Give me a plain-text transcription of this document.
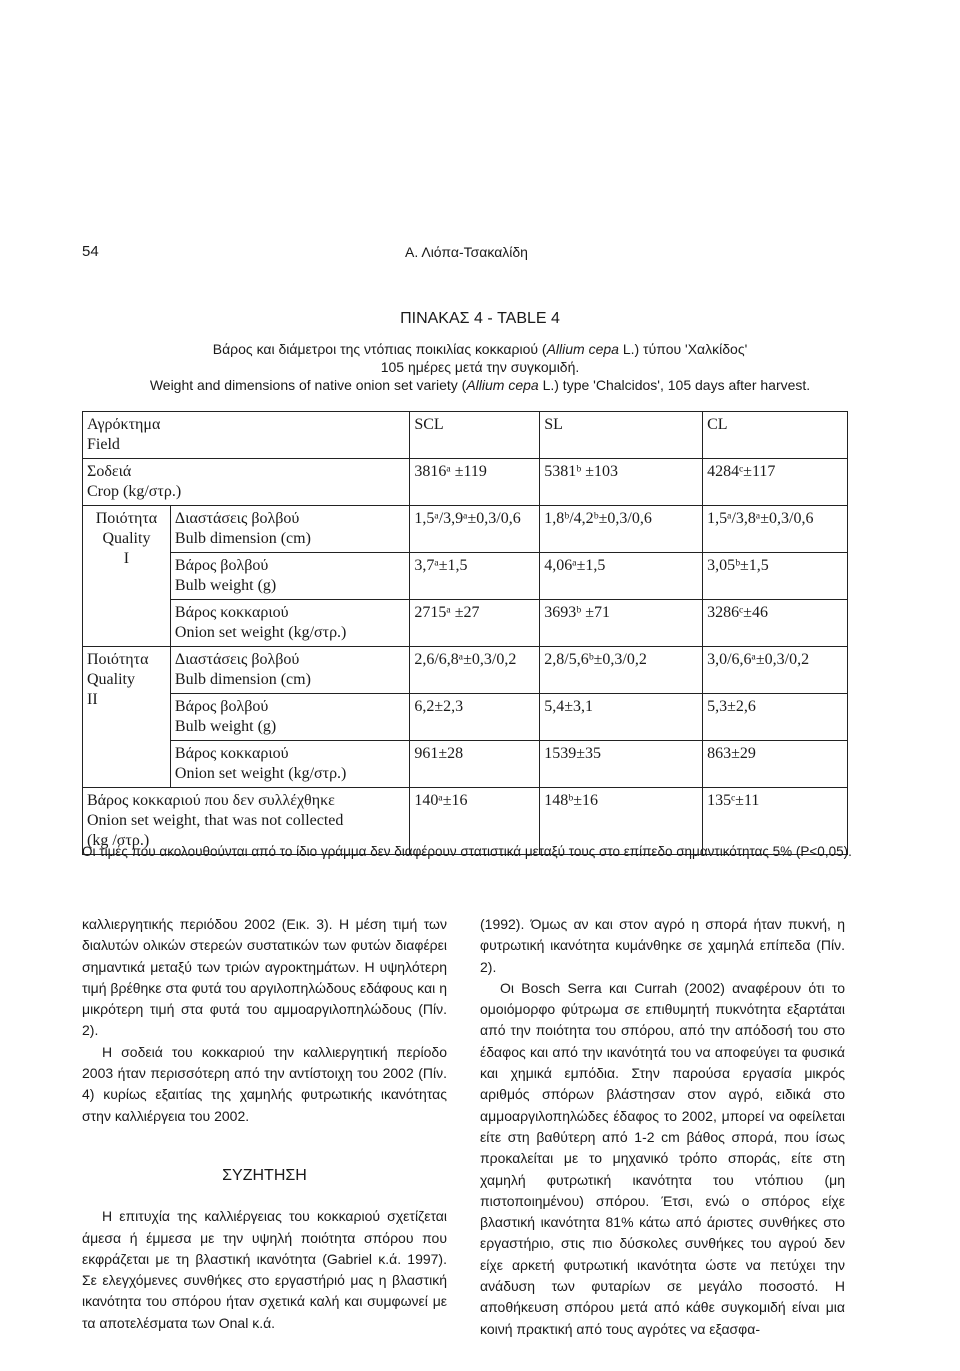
54	Α. Λιόπα-Τσακαλίδη
ΠΙΝΑΚΑΣ 4 - TABLE 4
Βάρος και διάμετροι της ντόπιας ποικιλίας κοκκαριού (Allium cepa L.) τύπου 'Χαλκίδος'
105 ημέρες μετά την συγκομιδή.
Weight and dimensions of native onion set variety (Allium cepa L.) type 'Chalcidos', 105 days after harvest.
Αγρόκτημα
Field		SCL	SL	CL
Σοδειά
Crop (kg/στρ.)		3816ᵃ ±119	5381ᵇ ±103	4284ᶜ±117
Ποιότητα
Quality
I	Διαστάσεις βολβού
Bulb dimension (cm)	1,5ᵃ/3,9ᵃ±0,3/0,6	1,8ᵇ/4,2ᵇ±0,3/0,6	1,5ᵃ/3,8ᵃ±0,3/0,6
	Βάρος βολβού
Bulb weight (g)	3,7ᵃ±1,5	4,06ᵃ±1,5	3,05ᵇ±1,5
	Βάρος κοκκαριού
Onion set weight (kg/στρ.)	2715ᵃ ±27	3693ᵇ ±71	3286ᶜ±46
Ποιότητα
Quality
II	Διαστάσεις βολβού
Bulb dimension (cm)	2,6/6,8ᵃ±0,3/0,2	2,8/5,6ᵇ±0,3/0,2	3,0/6,6ᵃ±0,3/0,2
	Βάρος βολβού
Bulb weight (g)	6,2±2,3	5,4±3,1	5,3±2,6
	Βάρος κοκκαριού
Onion set weight (kg/στρ.)	961±28	1539±35	863±29
Βάρος κοκκαριού που δεν συλλέχθηκε
Onion set weight, that was not collected
(kg /στρ.)		140ᵃ±16	148ᵇ±16	135ᶜ±11
Οι τιμές που ακολουθούνται από το ίδιο γράμμα δεν διαφέρουν στατιστικά μεταξύ τους στο επίπεδο σημαντικότητας 5% (P<0,05).

καλλιεργητικής περιόδου 2002 (Εικ. 3). Η μέση τιμή των διαλυτών ολικών στερεών συστατικών των φυτών διαφέρει σημαντικά μεταξύ των τριών αγροκτημάτων. Η υψηλότερη τιμή βρέθηκε στα φυτά του αργιλοπηλώδους εδάφους και η μικρότερη τιμή στα φυτά του αμμοαργιλοπηλώδους (Πίν. 2).

Η σοδειά του κοκκαριού την καλλιεργητική περίοδο 2003 ήταν περισσότερη από την αντίστοιχη του 2002 (Πίν. 4) κυρίως εξαιτίας της χαμηλής φυτρωτικής ικανότητας στην καλλιέργεια του 2002.

ΣΥΖΗΤΗΣΗ

Η επιτυχία της καλλιέργειας του κοκκαριού σχετίζεται άμεσα ή έμμεσα με την υψηλή ποιότητα σπόρου που εκφράζεται με τη βλαστική ικανότητα (Gabriel κ.ά. 1997). Σε ελεγχόμενες συνθήκες στο εργαστήριό μας η βλαστική ικανότητα του σπόρου ήταν σχετικά καλή και συμφωνεί με τα αποτελέσματα των Onal κ.ά.

(1992). Όμως αν και στον αγρό η σπορά ήταν πυκνή, η φυτρωτική ικανότητα κυμάνθηκε σε χαμηλά επίπεδα (Πίν. 2).

Οι Bosch Serra και Currah (2002) αναφέρουν ότι το ομοιόμορφο φύτρωμα σε επιθυμητή πυκνότητα εξαρτάται από την ποιότητα του σπόρου, από την απόδοσή του στο έδαφος και από την ικανότητά του να αποφεύγει τα φυσικά και χημικά εμπόδια. Στην παρούσα εργασία μικρός αριθμός σπόρων βλάστησαν στον αγρό, ειδικά στο αμμοαργιλοπηλώδες έδαφος το 2002, μπορεί να οφείλεται είτε στη βαθύτερη από 1-2 cm βάθος σπορά, που ίσως προκαλείται με το μηχανικό τρόπο σποράς, είτε στη χαμηλή φυτρωτική ικανότητα του ντόπιου (μη πιστοποιημένου) σπόρου. Έτσι, ενώ ο σπόρος είχε βλαστική ικανότητα 81% κάτω από άριστες συνθήκες στο εργαστήριο, στις πιο δύσκολες συνθήκες του αγρού δεν είχε αρκετή φυτρωτική ικανότητα ώστε να πετύχει την ανάδυση των φυταρίων σε μεγάλο ποσοστό. Η αποθήκευση σπόρου μετά από κάθε συγκομιδή είναι μια κοινή πρακτική από τους αγρότες να εξασφα-
